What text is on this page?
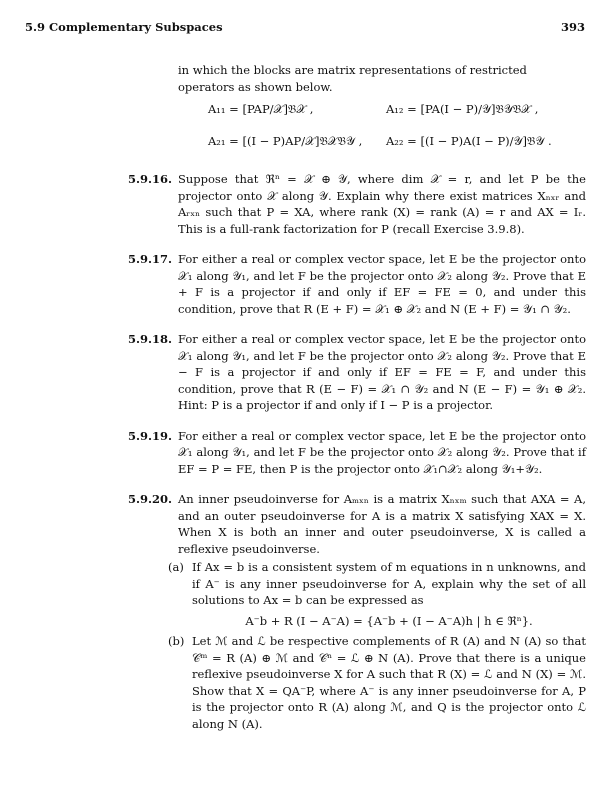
5.9 Complementary Subspaces	393
in which the blocks are matrix representations of restricted operators as shown below.
A₁₁ = [PAP/𝒳]𝔅𝒳 ,	A₁₂ = [PA(I − P)/𝒴]𝔅𝒴𝔅𝒳 ,
A₂₁ = [(I − P)AP/𝒳]𝔅𝒳𝔅𝒴 , A₂₂ = [(I − P)A(I − P)/𝒴]𝔅𝒴 .
5.9.16. Suppose that ℜⁿ = 𝒳 ⊕ 𝒴, where dim 𝒳 = r, and let P be the projector onto 𝒳 along 𝒴. Explain why there exist matrices Xₙₓᵣ and Aᵣₓₙ such that P = XA, where rank (X) = rank (A) = r and AX = Iᵣ. This is a full-rank factorization for P (recall Exercise 3.9.8).
5.9.17. For either a real or complex vector space, let E be the projector onto 𝒳₁ along 𝒴₁, and let F be the projector onto 𝒳₂ along 𝒴₂. Prove that E + F is a projector if and only if EF = FE = 0, and under this condition, prove that R (E + F) = 𝒳₁ ⊕ 𝒳₂ and N (E + F) = 𝒴₁ ∩ 𝒴₂.
5.9.18. For either a real or complex vector space, let E be the projector onto 𝒳₁ along 𝒴₁, and let F be the projector onto 𝒳₂ along 𝒴₂. Prove that E − F is a projector if and only if EF = FE = F, and under this condition, prove that R (E − F) = 𝒳₁ ∩ 𝒴₂ and N (E − F) = 𝒴₁ ⊕ 𝒳₂. Hint: P is a projector if and only if I − P is a projector.
5.9.19. For either a real or complex vector space, let E be the projector onto 𝒳₁ along 𝒴₁, and let F be the projector onto 𝒳₂ along 𝒴₂. Prove that if EF = P = FE, then P is the projector onto 𝒳₁∩𝒳₂ along 𝒴₁+𝒴₂.
5.9.20. An inner pseudoinverse for Aₘₓₙ is a matrix Xₙₓₘ such that AXA = A, and an outer pseudoinverse for A is a matrix X satisfying XAX = X. When X is both an inner and outer pseudoinverse, X is called a reflexive pseudoinverse.
(a) If Ax = b is a consistent system of m equations in n unknowns, and if A⁻ is any inner pseudoinverse for A, explain why the set of all solutions to Ax = b can be expressed as
A⁻b + R (I − A⁻A) = {A⁻b + (I − A⁻A)h | h ∈ ℜⁿ}.
(b) Let ℳ and ℒ be respective complements of R (A) and N (A) so that 𝒞ᵐ = R (A) ⊕ ℳ and 𝒞ⁿ = ℒ ⊕ N (A). Prove that there is a unique reflexive pseudoinverse X for A such that R (X) = ℒ and N (X) = ℳ. Show that X = QA⁻P, where A⁻ is any inner pseudoinverse for A, P is the projector onto R (A) along ℳ, and Q is the projector onto ℒ along N (A).
